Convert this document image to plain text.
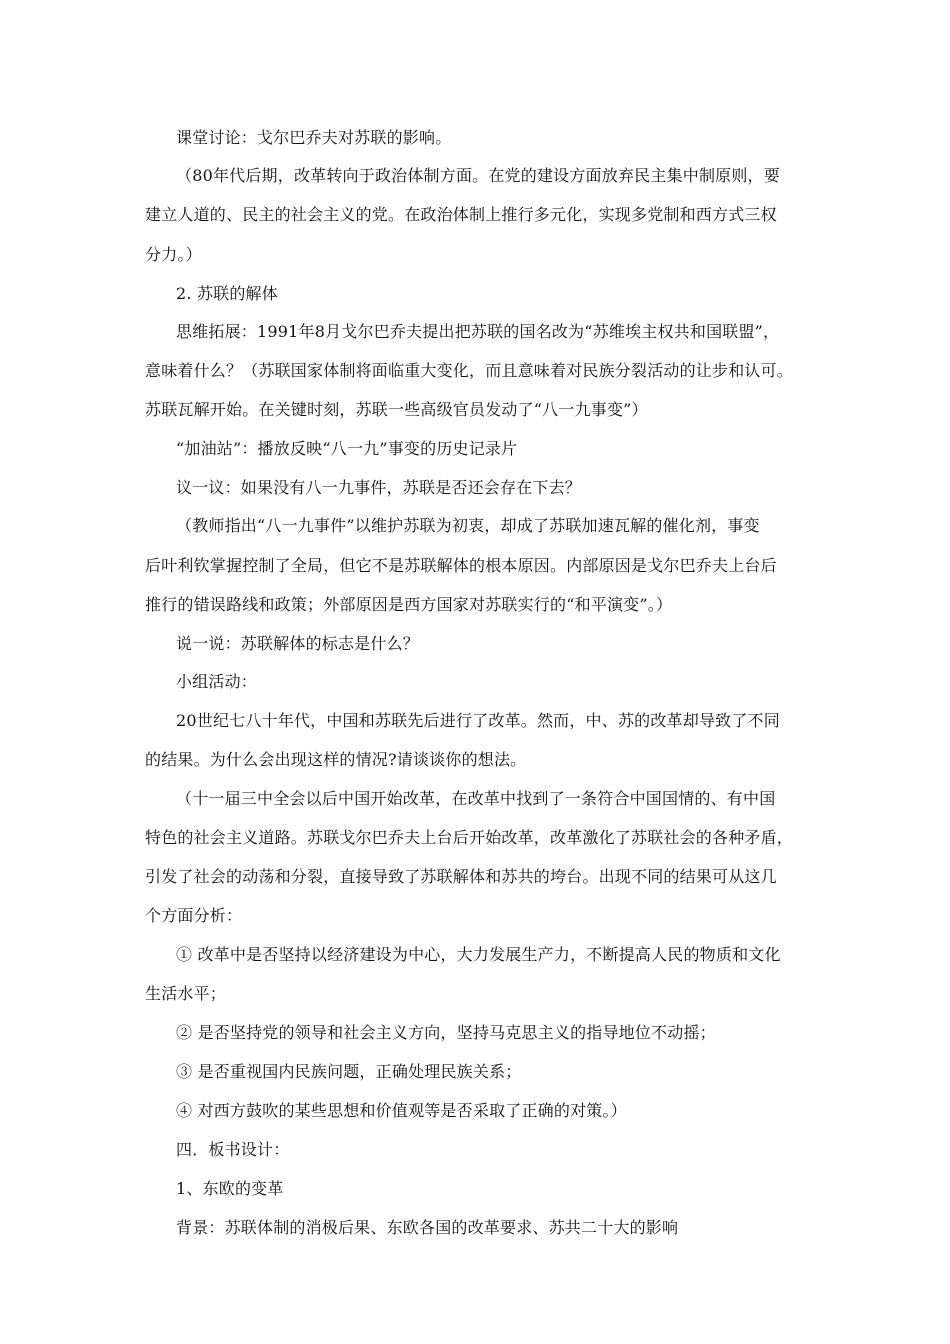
课堂讨论：戈尔巴乔夫对苏联的影响。
（80年代后期，改革转向于政治体制方面。在党的建设方面放弃民主集中制原则，要
建立人道的、民主的社会主义的党。在政治体制上推行多元化，实现多党制和西方式三权
分力。）
2. 苏联的解体
思维拓展：1991年8月戈尔巴乔夫提出把苏联的国名改为“苏维埃主权共和国联盟”，
意味着什么？（苏联国家体制将面临重大变化，而且意味着对民族分裂活动的让步和认可。
苏联瓦解开始。在关键时刻，苏联一些高级官员发动了“八一九事变”）
“加油站”：播放反映“八一九”事变的历史记录片
议一议：如果没有八一九事件，苏联是否还会存在下去？
（教师指出“八一九事件”以维护苏联为初衷，却成了苏联加速瓦解的催化剂，事变
后叶利钦掌握控制了全局，但它不是苏联解体的根本原因。内部原因是戈尔巴乔夫上台后
推行的错误路线和政策；外部原因是西方国家对苏联实行的“和平演变”。）
说一说：苏联解体的标志是什么？
小组活动：
20世纪七八十年代，中国和苏联先后进行了改革。然而，中、苏的改革却导致了不同
的结果。为什么会出现这样的情况?请谈谈你的想法。
（十一届三中全会以后中国开始改革，在改革中找到了一条符合中国国情的、有中国
特色的社会主义道路。苏联戈尔巴乔夫上台后开始改革，改革激化了苏联社会的各种矛盾，
引发了社会的动荡和分裂，直接导致了苏联解体和苏共的垮台。出现不同的结果可从这几
个方面分析：
① 改革中是否坚持以经济建设为中心，大力发展生产力，不断提高人民的物质和文化
生活水平；
② 是否坚持党的领导和社会主义方向，坚持马克思主义的指导地位不动摇；
③ 是否重视国内民族问题，正确处理民族关系；
④ 对西方鼓吹的某些思想和价值观等是否采取了正确的对策。）
四．板书设计：
1、东欧的变革
背景：苏联体制的消极后果、东欧各国的改革要求、苏共二十大的影响
